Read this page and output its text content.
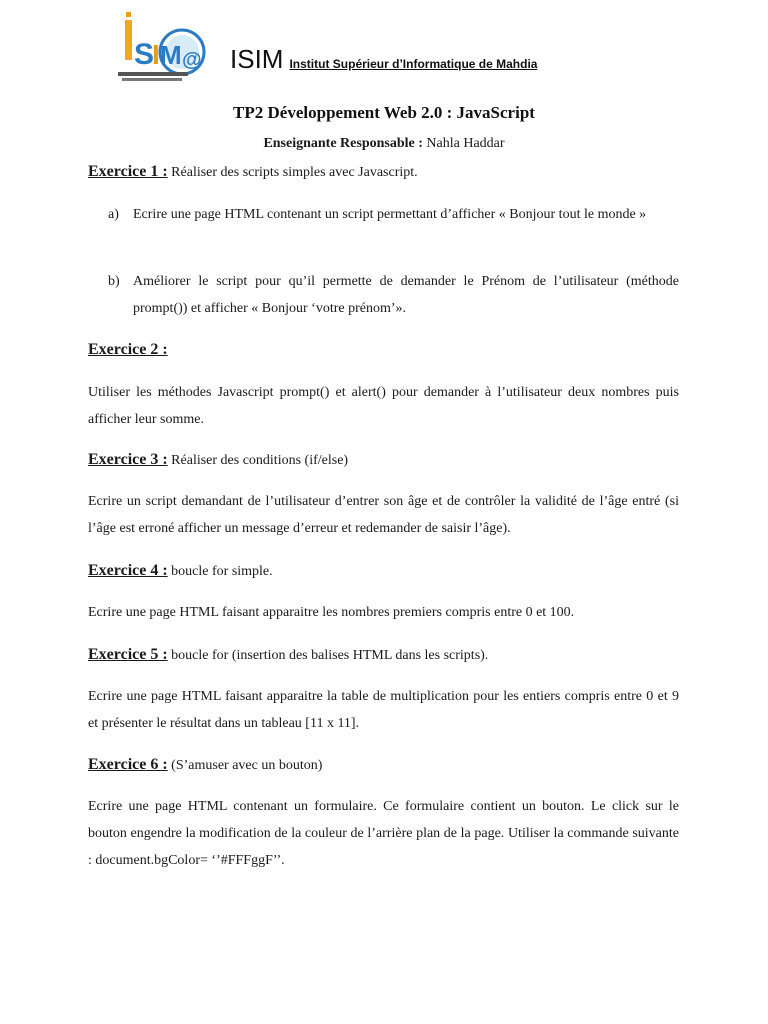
S
I M @ ISIM Institut Supérieur d’Informatique de Mahdia
TP2 Développement Web 2.0 : JavaScript
Enseignante Responsable : Nahla Haddar
Exercice 1 : Réaliser des scripts simples avec Javascript.
a) Ecrire une page HTML contenant un script permettant d’afficher « Bonjour tout le monde »
b) Améliorer le script pour qu’il permette de demander le Prénom de l’utilisateur (méthode prompt()) et afficher « Bonjour ‘votre prénom’».
Exercice 2 :
Utiliser les méthodes Javascript prompt() et alert() pour demander à l’utilisateur deux nombres puis afficher leur somme.
Exercice 3 : Réaliser des conditions (if/else)
Ecrire un script demandant de l’utilisateur d’entrer son âge et de contrôler la validité de l’âge entré (si l’âge est erroné afficher un message d’erreur et redemander de saisir l’âge).
Exercice 4 : boucle for simple.
Ecrire une page HTML faisant apparaitre les nombres premiers compris entre 0 et 100.
Exercice 5 : boucle for (insertion des balises HTML dans les scripts).
Ecrire une page HTML faisant apparaitre la table de multiplication pour les entiers compris entre 0 et 9 et présenter le résultat dans un tableau [11 x 11].
Exercice 6 : (S’amuser avec un bouton)
Ecrire une page HTML contenant un formulaire. Ce formulaire contient un bouton. Le click sur le bouton engendre la modification de la couleur de l’arrière plan de la page. Utiliser la commande suivante : document.bgColor= ‘’#FFFggF’’.
